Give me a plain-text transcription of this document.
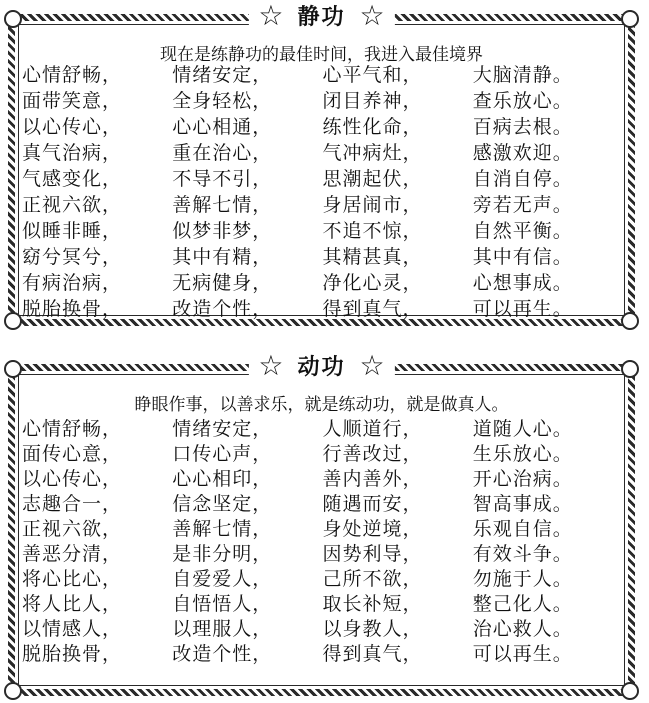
☆ 静功 ☆
现在是练静功的最佳时间，我进入最佳境界
心情舒畅，	情绪安定，	心平气和，	大脑清静。
面带笑意，	全身轻松，	闭目养神，	查乐放心。
以心传心，	心心相通，	练性化命，	百病去根。
真气治病，	重在治心，	气冲病灶，	感激欢迎。
气感变化，	不导不引，	思潮起伏，	自消自停。
正视六欲，	善解七情，	身居闹市，	旁若无声。
似睡非睡，	似梦非梦，	不追不惊，	自然平衡。
窈兮冥兮，	其中有精，	其精甚真，	其中有信。
有病治病，	无病健身，	净化心灵，	心想事成。
脱胎换骨，	改造个性，	得到真气，	可以再生。
☆ 动功 ☆
睁眼作事，以善求乐，就是练动功，就是做真人。
心情舒畅，	情绪安定，	人顺道行，	道随人心。
面传心意，	口传心声，	行善改过，	生乐放心。
以心传心，	心心相印，	善内善外，	开心治病。
志趣合一，	信念坚定，	随遇而安，	智高事成。
正视六欲，	善解七情，	身处逆境，	乐观自信。
善恶分清，	是非分明，	因势利导，	有效斗争。
将心比心，	自爱爱人，	己所不欲，	勿施于人。
将人比人，	自悟悟人，	取长补短，	整己化人。
以情感人，	以理服人，	以身教人，	治心救人。
脱胎换骨，	改造个性，	得到真气，	可以再生。
